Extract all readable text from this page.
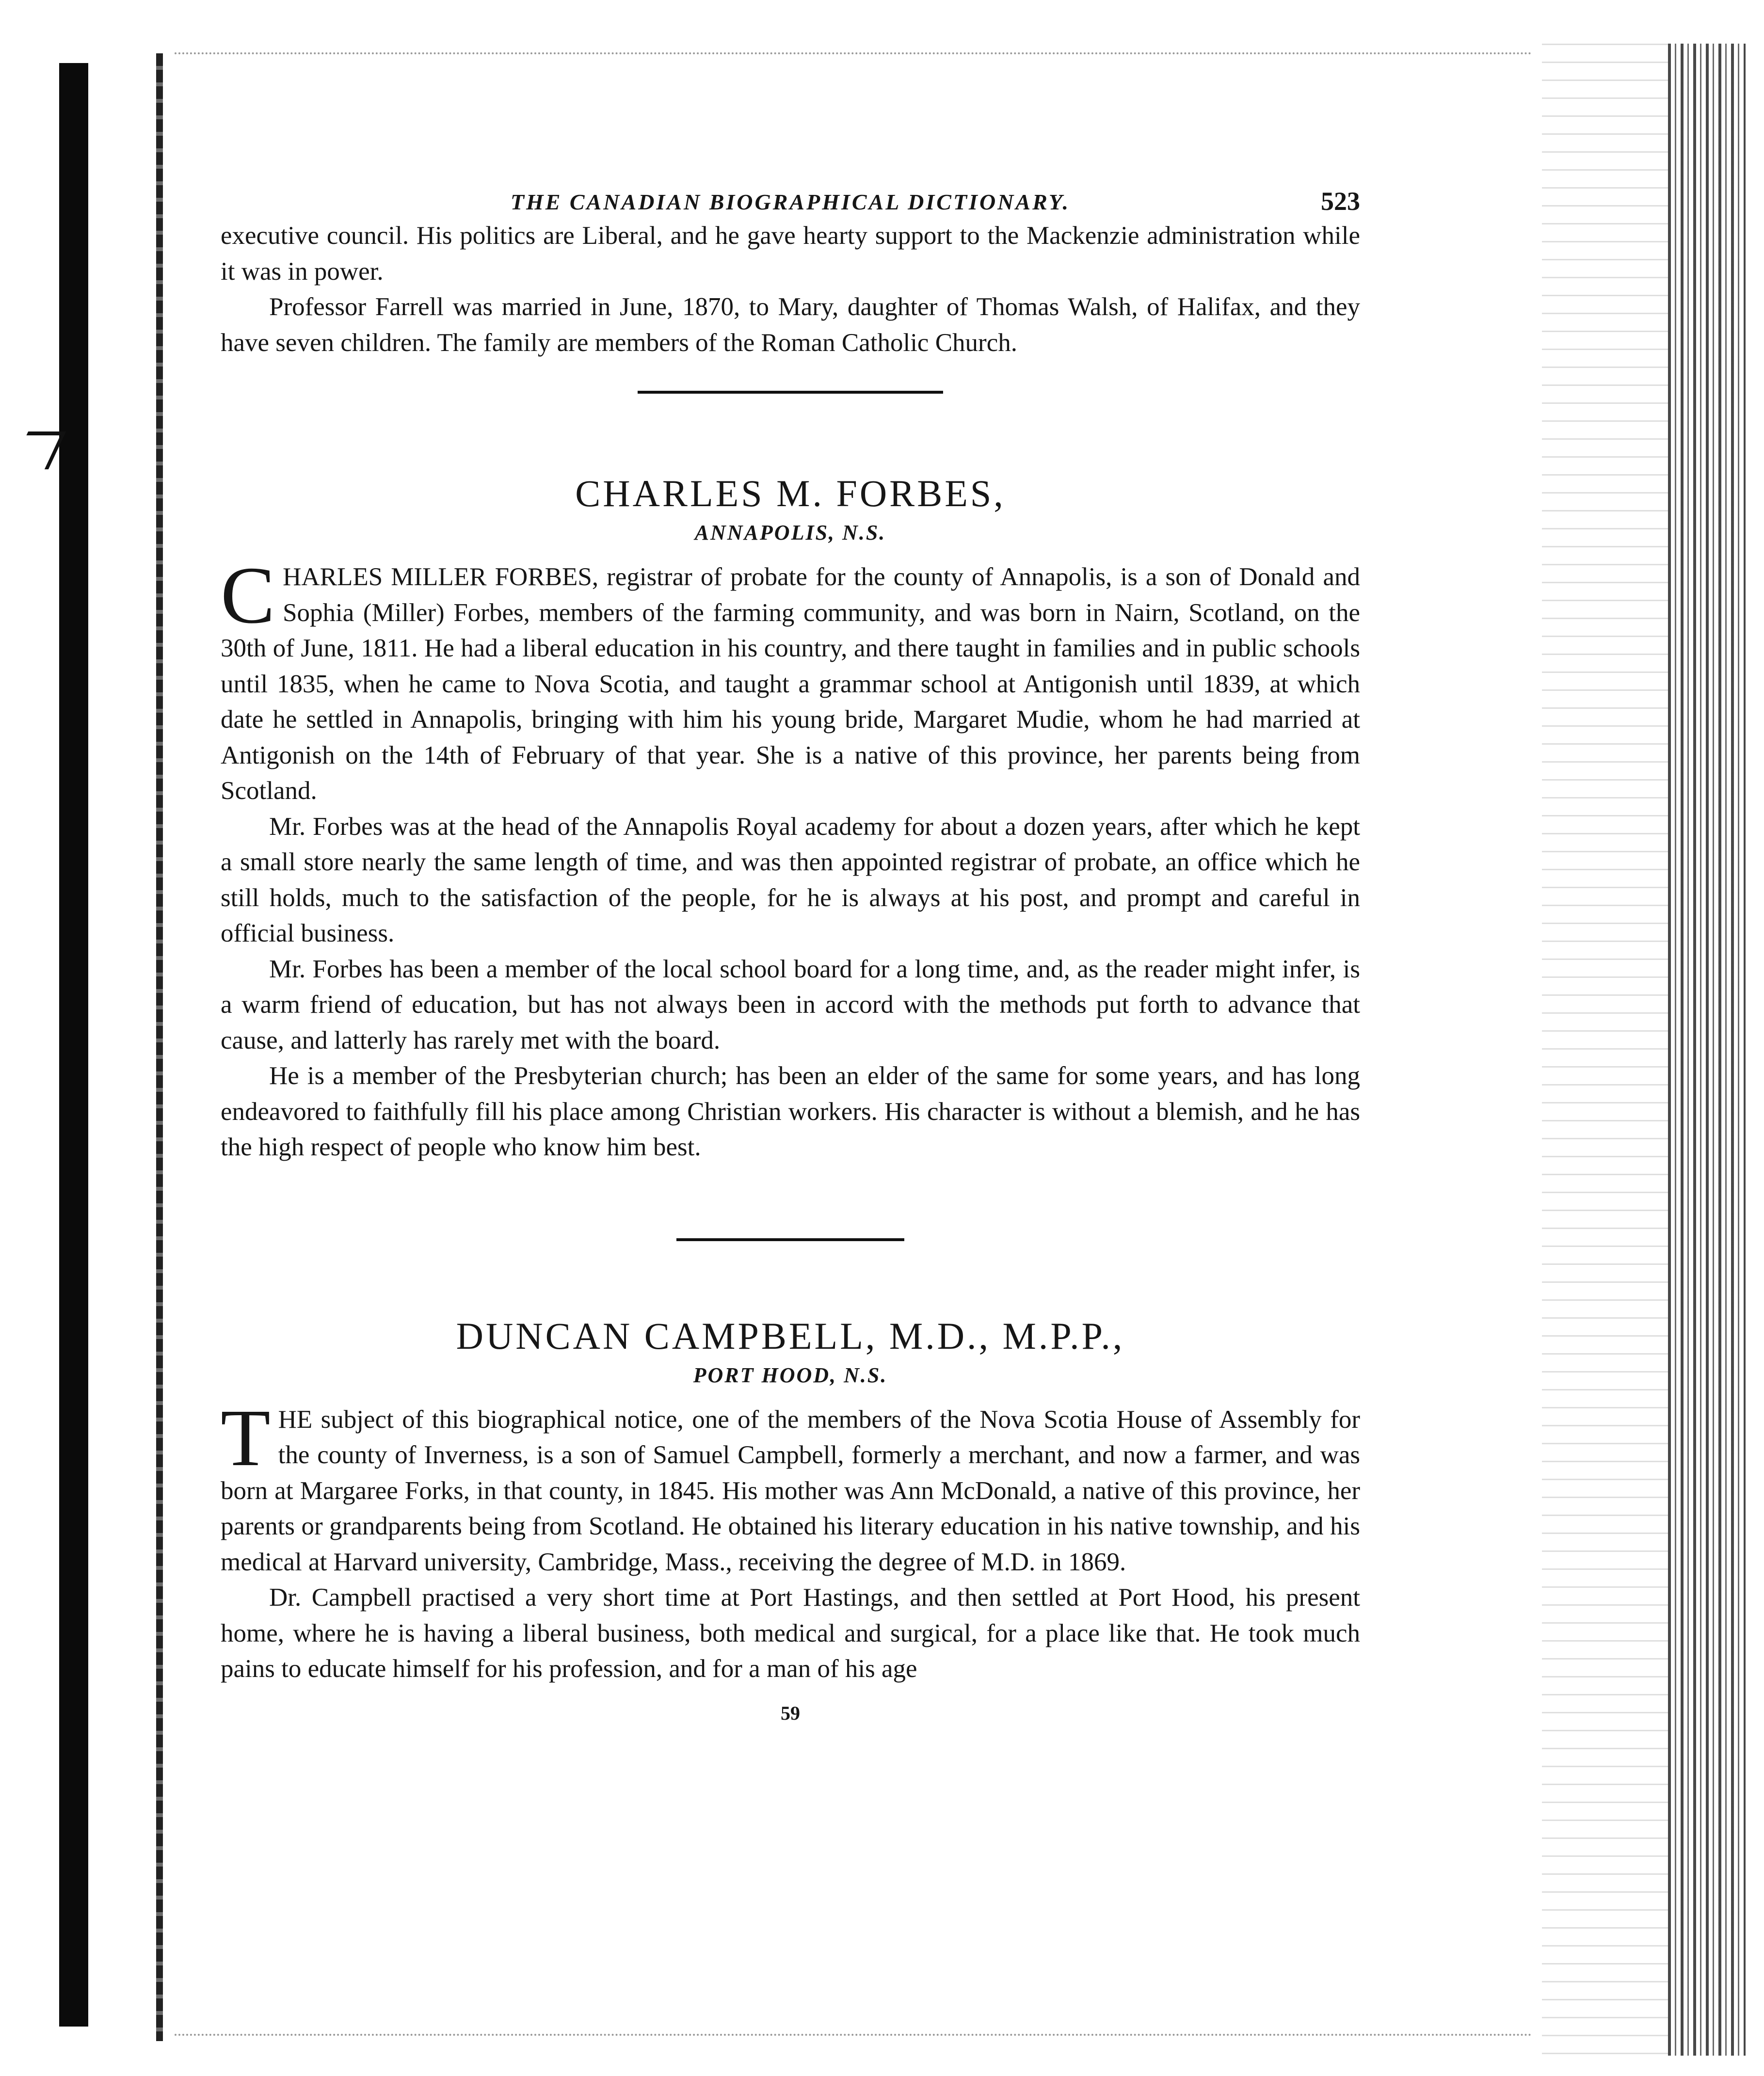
THE CANADIAN BIOGRAPHICAL DICTIONARY.	523

executive council. His politics are Liberal, and he gave hearty support to the Mackenzie administration while it was in power.

Professor Farrell was married in June, 1870, to Mary, daughter of Thomas Walsh, of Halifax, and they have seven children. The family are members of the Roman Catholic Church.

CHARLES M. FORBES,
ANNAPOLIS, N.S.

CHARLES MILLER FORBES, registrar of probate for the county of Annapolis, is a son of Donald and Sophia (Miller) Forbes, members of the farming community, and was born in Nairn, Scotland, on the 30th of June, 1811. He had a liberal education in his country, and there taught in families and in public schools until 1835, when he came to Nova Scotia, and taught a grammar school at Antigonish until 1839, at which date he settled in Annapolis, bringing with him his young bride, Margaret Mudie, whom he had married at Antigonish on the 14th of February of that year. She is a native of this province, her parents being from Scotland.

Mr. Forbes was at the head of the Annapolis Royal academy for about a dozen years, after which he kept a small store nearly the same length of time, and was then appointed registrar of probate, an office which he still holds, much to the satisfaction of the people, for he is always at his post, and prompt and careful in official business.

Mr. Forbes has been a member of the local school board for a long time, and, as the reader might infer, is a warm friend of education, but has not always been in accord with the methods put forth to advance that cause, and latterly has rarely met with the board.

He is a member of the Presbyterian church; has been an elder of the same for some years, and has long endeavored to faithfully fill his place among Christian workers. His character is without a blemish, and he has the high respect of people who know him best.

DUNCAN CAMPBELL, M.D., M.P.P.,
PORT HOOD, N.S.

THE subject of this biographical notice, one of the members of the Nova Scotia House of Assembly for the county of Inverness, is a son of Samuel Campbell, formerly a merchant, and now a farmer, and was born at Margaree Forks, in that county, in 1845. His mother was Ann McDonald, a native of this province, her parents or grandparents being from Scotland. He obtained his literary education in his native township, and his medical at Harvard university, Cambridge, Mass., receiving the degree of M.D. in 1869.

Dr. Campbell practised a very short time at Port Hastings, and then settled at Port Hood, his present home, where he is having a liberal business, both medical and surgical, for a place like that. He took much pains to educate himself for his profession, and for a man of his age

59
